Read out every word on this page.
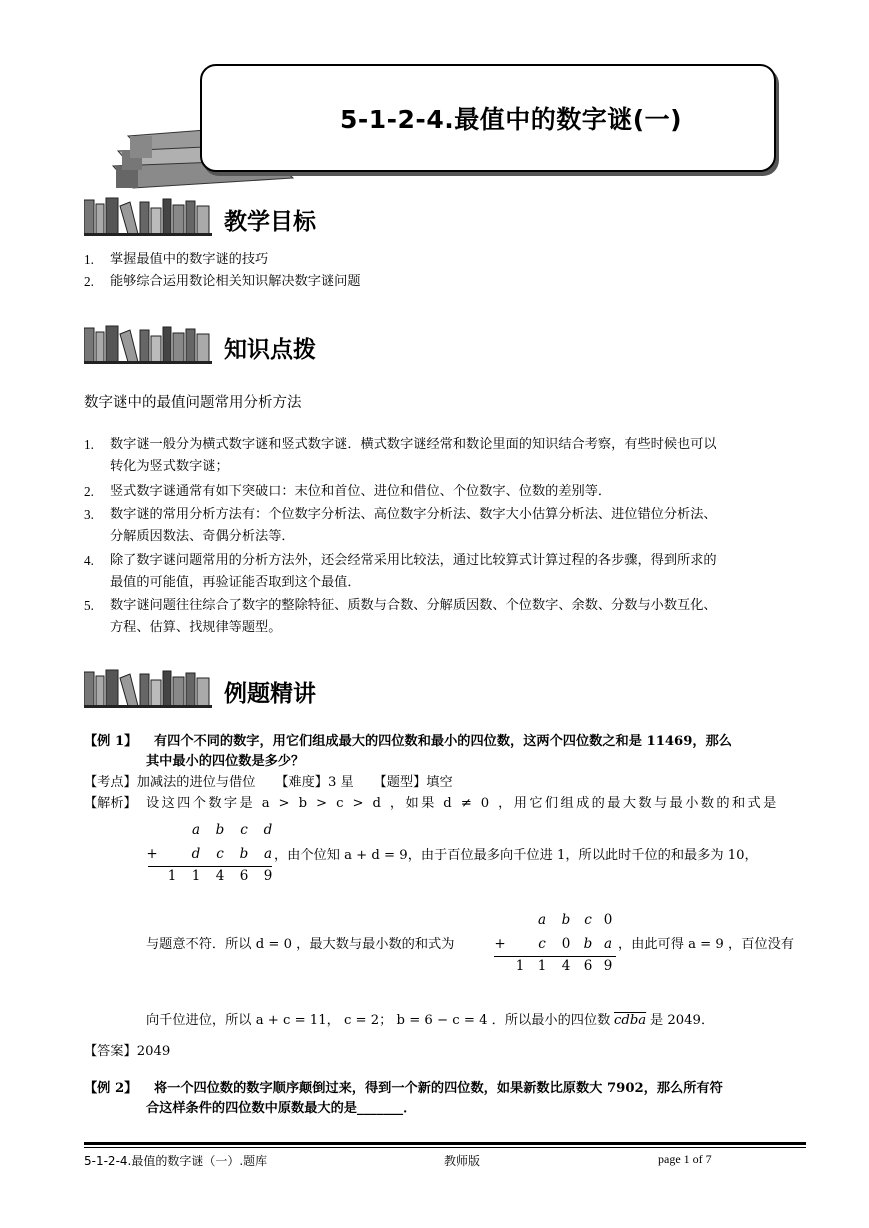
5-1-2-4.最值中的数字谜(一)
教学目标
1. 掌握最值中的数字谜的技巧
2. 能够综合运用数论相关知识解决数字谜问题
知识点拨
数字谜中的最值问题常用分析方法
1. 数字谜一般分为横式数字谜和竖式数字谜．横式数字谜经常和数论里面的知识结合考察，有些时候也可以
转化为竖式数字谜；
2. 竖式数字谜通常有如下突破口：末位和首位、进位和借位、个位数字、位数的差别等．
3. 数字谜的常用分析方法有：个位数字分析法、高位数字分析法、数字大小估算分析法、进位错位分析法、
分解质因数法、奇偶分析法等．
4. 除了数字谜问题常用的分析方法外，还会经常采用比较法，通过比较算式计算过程的各步骤，得到所求的
最值的可能值，再验证能否取到这个最值．
5. 数字谜问题往往综合了数字的整除特征、质数与合数、分解质因数、个位数字、余数、分数与小数互化、
方程、估算、找规律等题型。
例题精讲
【例 1】 有四个不同的数字，用它们组成最大的四位数和最小的四位数，这两个四位数之和是 11469，那么
其中最小的四位数是多少？
【考点】加减法的进位与借位　　【难度】3 星　　【题型】填空
【解析】 设这四个数字是 a > b > c > d ，如果 d ≠ 0 ，用它们组成的最大数与最小数的和式是
a b	c	d
+	d	c	b a
1 1 4 6 9
，由个位知 a + d = 9，由于百位最多向千位进 1，所以此时千位的和最多为 10，
与题意不符．所以 d = 0 ，最大数与最小数的和式为
a b	c 0
+	c	0 b a
1 1 4 6 9
，由此可得 a = 9 ，百位没有
向千位进位，所以 a + c = 11， c = 2； b = 6 − c = 4 ．所以最小的四位数 cdba 是 2049．
【答案】2049
【例 2】 将一个四位数的数字顺序颠倒过来，得到一个新的四位数，如果新数比原数大 7902，那么所有符
合这样条件的四位数中原数最大的是_______．
5-1-2-4.最值的数字谜（一）.题库	教师版	page 1 of 7
